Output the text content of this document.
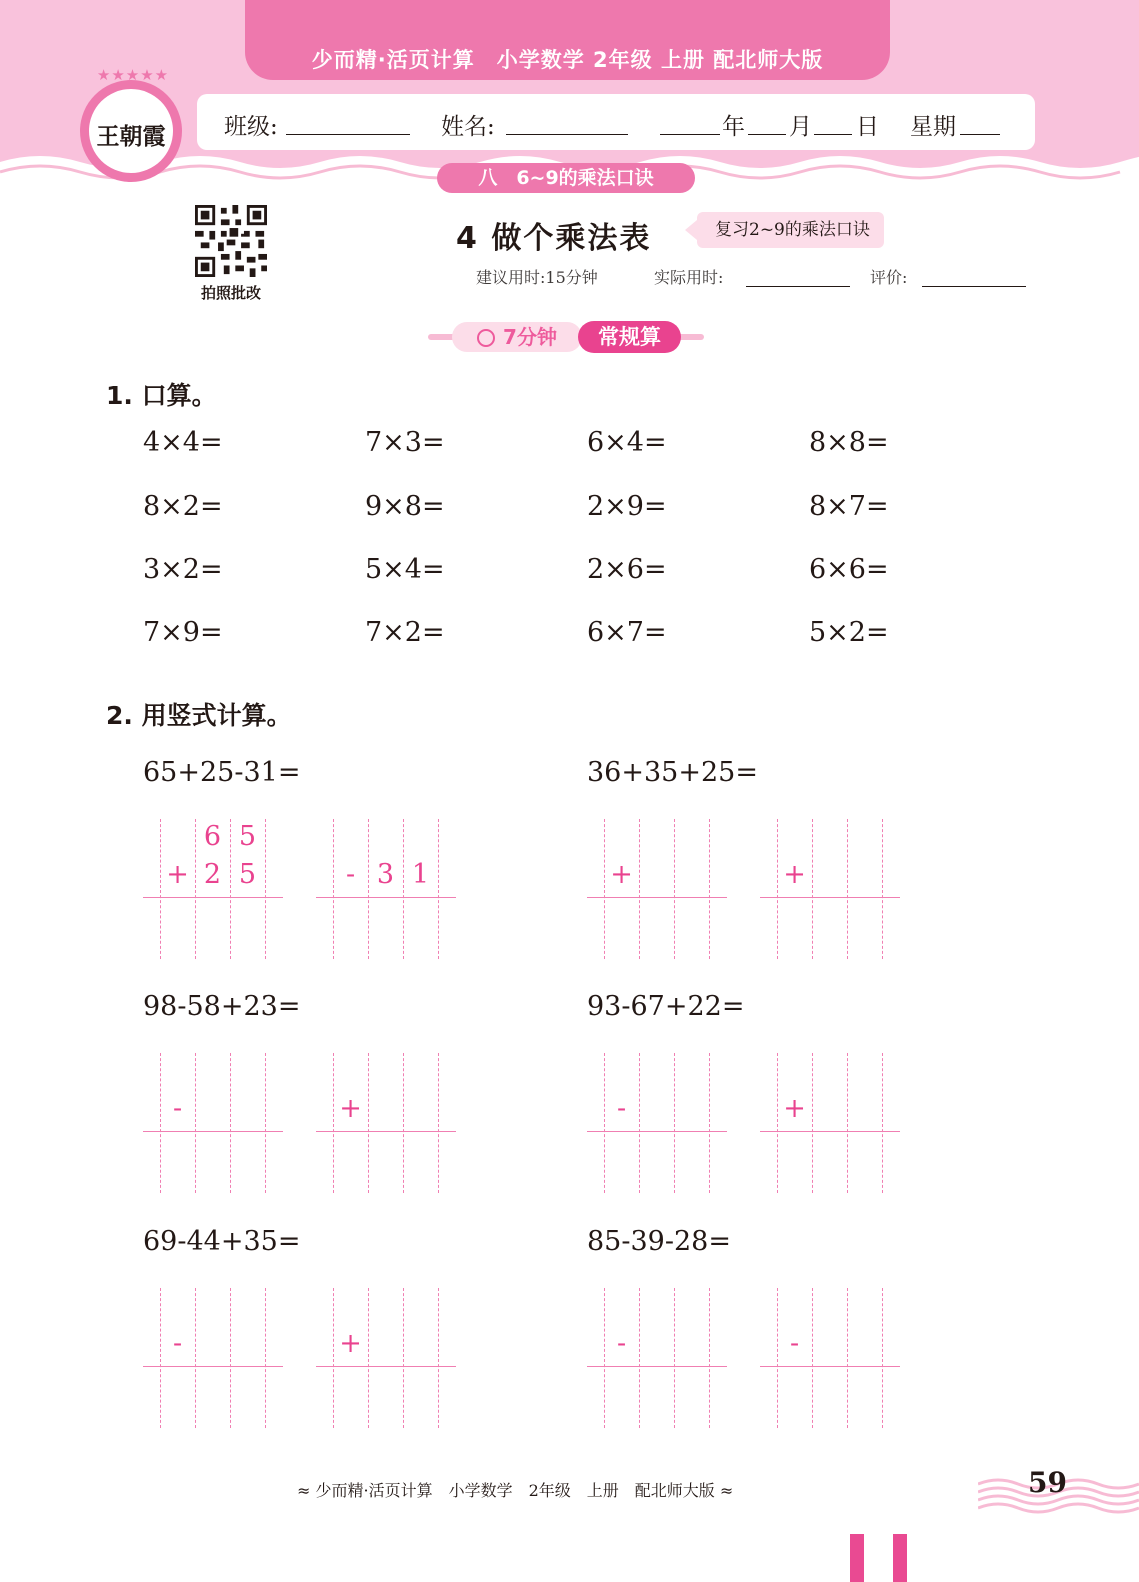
少而精·活页计算　小学数学 2年级 上册 配北师大版
班级:	姓名:	年 月 日 星期
★★★★★
王朝霞
八　6~9的乘法口诀
拍照批改
4 做个乘法表	复习2~9的乘法口诀
建议用时:15分钟	实际用时:	评价:
7分钟	常规算
1. 口算。
4×4=	7×3=	6×4=	8×8=
8×2=	9×8=	2×9=	8×7=
3×2=	5×4=	2×6=	6×6=
7×9=	7×2=	6×7=	5×2=
2. 用竖式计算。
65+25-31=
6 5
+ 2 5	- 3 1
36+35+25=
+	+
98-58+23=
-	+
93-67+22=
-	+
69-44+35=
-	+
85-39-28=
-	-
≈ 少而精·活页计算　小学数学　2年级　上册　配北师大版 ≈	59
